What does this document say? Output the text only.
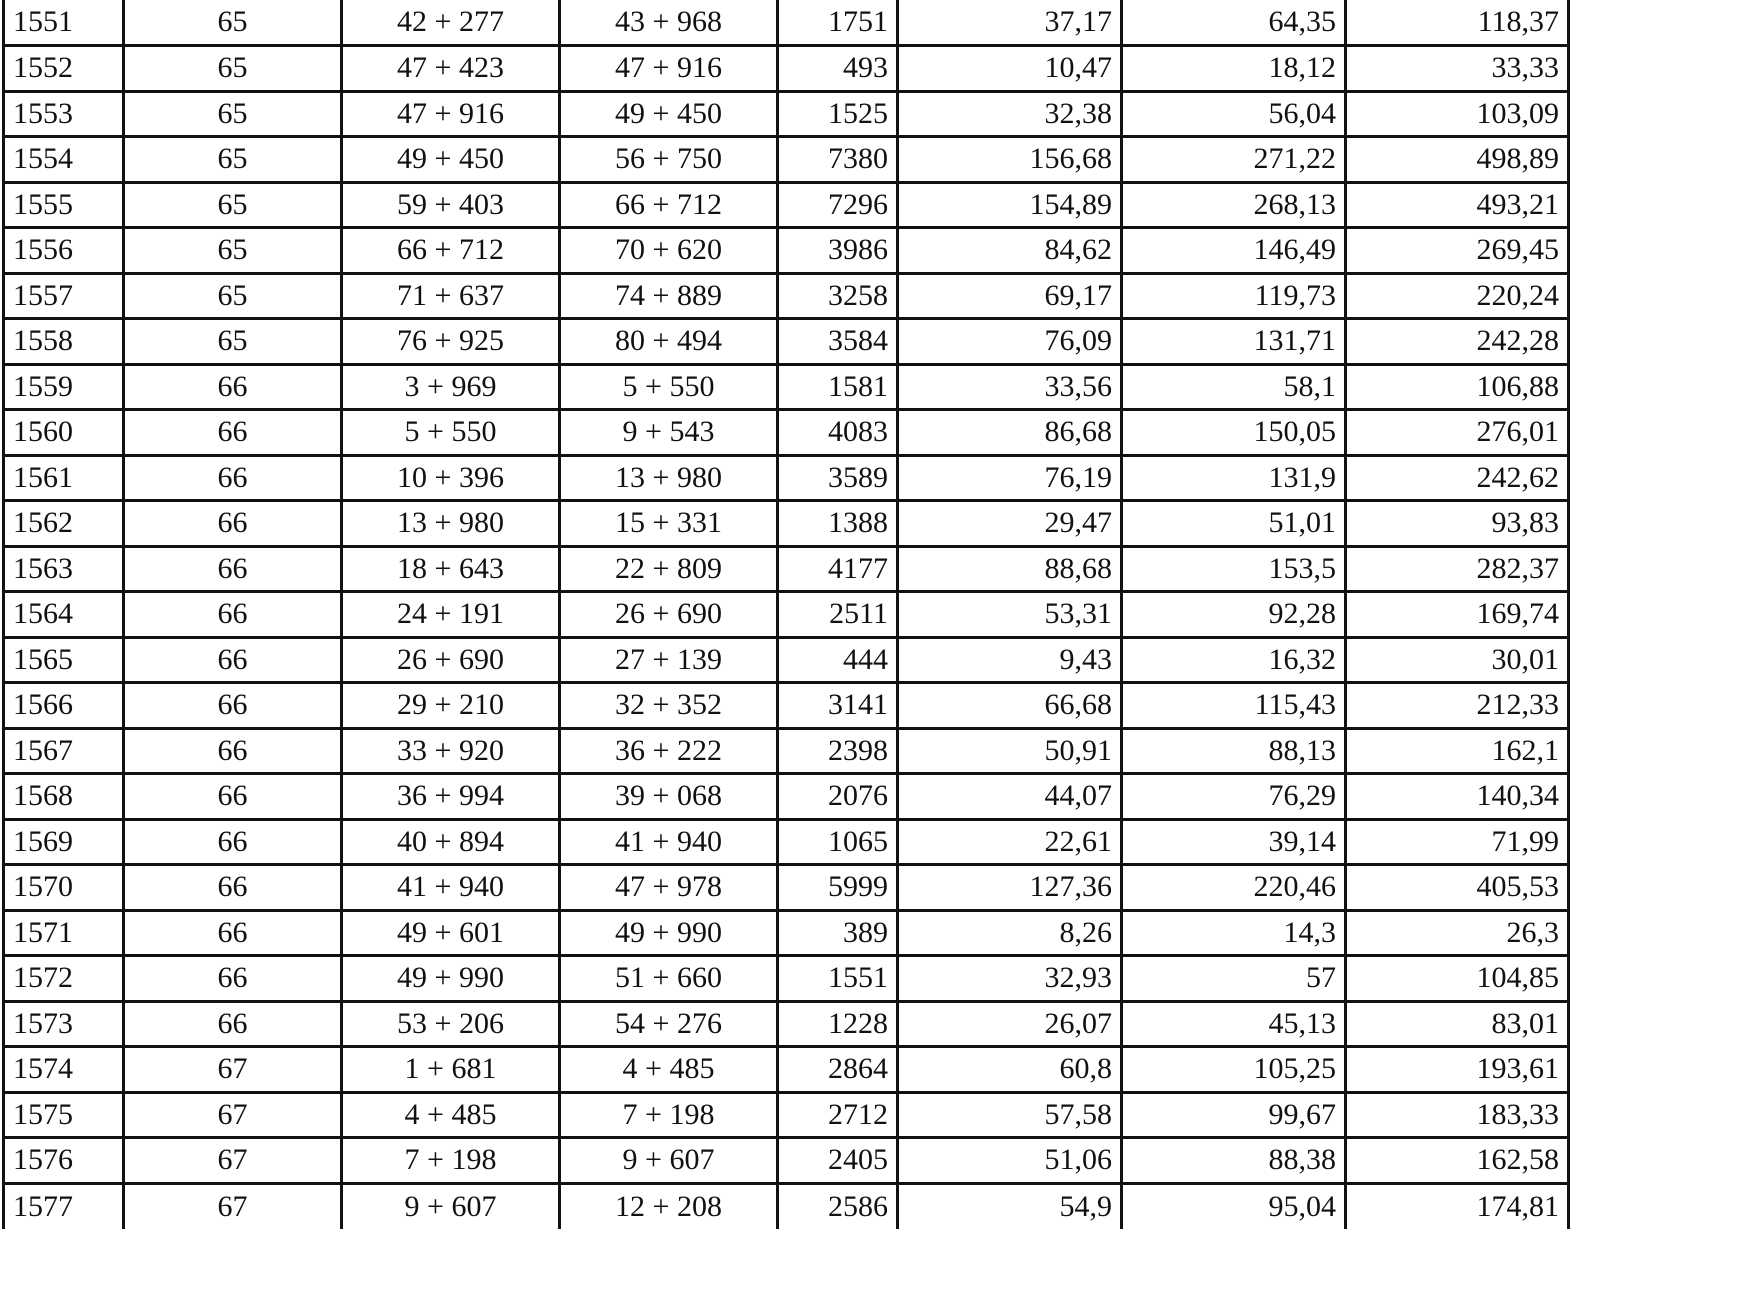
1551	65	42 + 277	43 + 968	1751	37,17	64,35	118,37
1552	65	47 + 423	47 + 916	493	10,47	18,12	33,33
1553	65	47 + 916	49 + 450	1525	32,38	56,04	103,09
1554	65	49 + 450	56 + 750	7380	156,68	271,22	498,89
1555	65	59 + 403	66 + 712	7296	154,89	268,13	493,21
1556	65	66 + 712	70 + 620	3986	84,62	146,49	269,45
1557	65	71 + 637	74 + 889	3258	69,17	119,73	220,24
1558	65	76 + 925	80 + 494	3584	76,09	131,71	242,28
1559	66	3 + 969	5 + 550	1581	33,56	58,1	106,88
1560	66	5 + 550	9 + 543	4083	86,68	150,05	276,01
1561	66	10 + 396	13 + 980	3589	76,19	131,9	242,62
1562	66	13 + 980	15 + 331	1388	29,47	51,01	93,83
1563	66	18 + 643	22 + 809	4177	88,68	153,5	282,37
1564	66	24 + 191	26 + 690	2511	53,31	92,28	169,74
1565	66	26 + 690	27 + 139	444	9,43	16,32	30,01
1566	66	29 + 210	32 + 352	3141	66,68	115,43	212,33
1567	66	33 + 920	36 + 222	2398	50,91	88,13	162,1
1568	66	36 + 994	39 + 068	2076	44,07	76,29	140,34
1569	66	40 + 894	41 + 940	1065	22,61	39,14	71,99
1570	66	41 + 940	47 + 978	5999	127,36	220,46	405,53
1571	66	49 + 601	49 + 990	389	8,26	14,3	26,3
1572	66	49 + 990	51 + 660	1551	32,93	57	104,85
1573	66	53 + 206	54 + 276	1228	26,07	45,13	83,01
1574	67	1 + 681	4 + 485	2864	60,8	105,25	193,61
1575	67	4 + 485	7 + 198	2712	57,58	99,67	183,33
1576	67	7 + 198	9 + 607	2405	51,06	88,38	162,58
1577	67	9 + 607	12 + 208	2586	54,9	95,04	174,81
